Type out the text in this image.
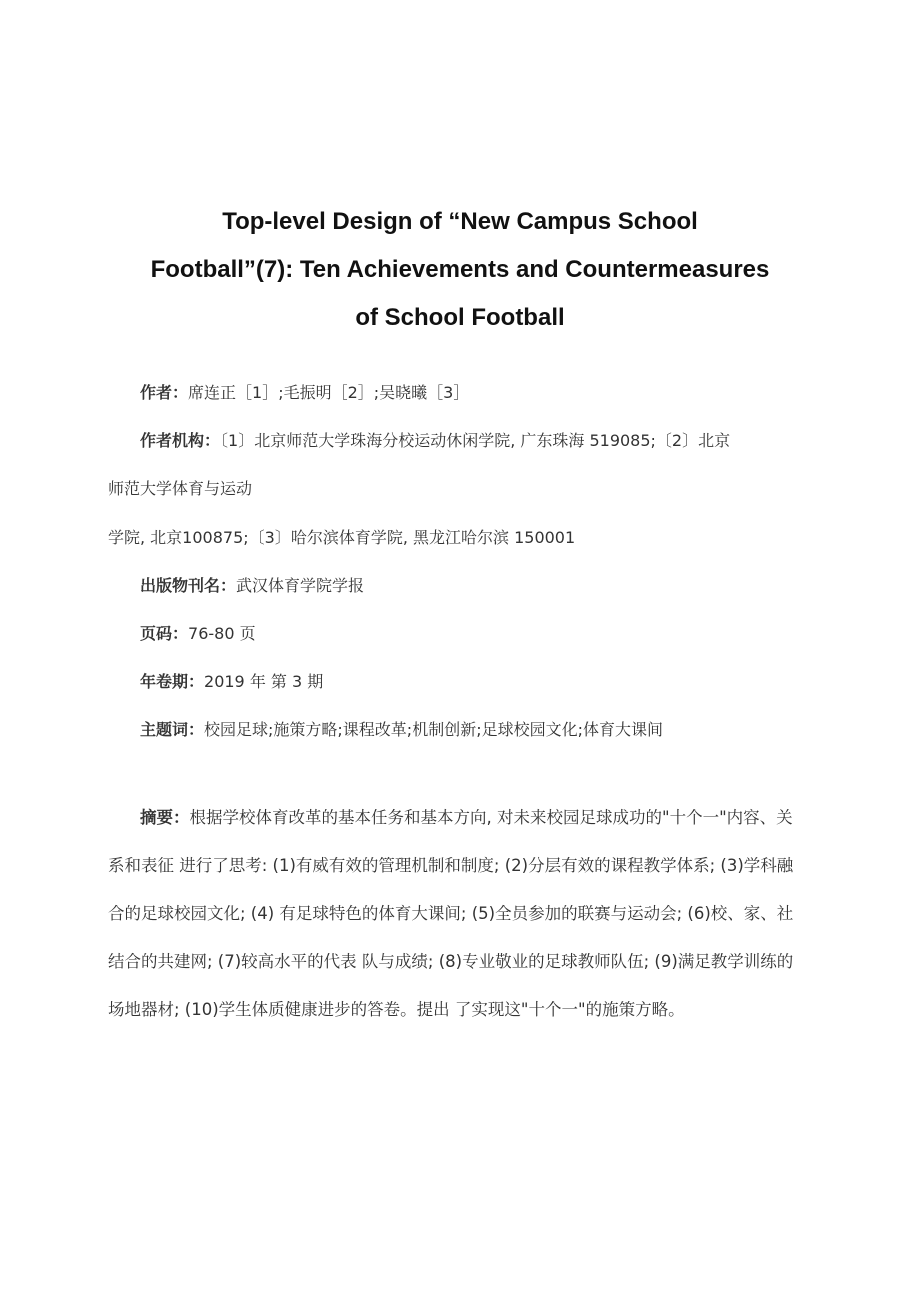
Top-level Design of “New Campus School
Football”(7): Ten Achievements and Countermeasures
of School Football
作者：席连正［1］;毛振明［2］;吴晓曦［3］
作者机构：〔1〕北京师范大学珠海分校运动休闲学院, 广东珠海 519085;〔2〕北京
师范大学体育与运动
学院, 北京100875;〔3〕哈尔滨体育学院, 黑龙江哈尔滨 150001
出版物刊名：武汉体育学院学报
页码：76-80 页
年卷期：2019 年 第 3 期
主题词：校园足球;施策方略;课程改革;机制创新;足球校园文化;体育大课间

摘要：根据学校体育改革的基本任务和基本方向, 对未来校园足球成功的"十个一"内容、关系和表征 进行了思考: (1)有威有效的管理机制和制度; (2)分层有效的课程教学体系; (3)学科融合的足球校园文化; (4) 有足球特色的体育大课间; (5)全员参加的联赛与运动会; (6)校、家、社结合的共建网; (7)较高水平的代表 队与成绩; (8)专业敬业的足球教师队伍; (9)满足教学训练的场地器材; (10)学生体质健康进步的答卷。提出 了实现这"十个一"的施策方略。
